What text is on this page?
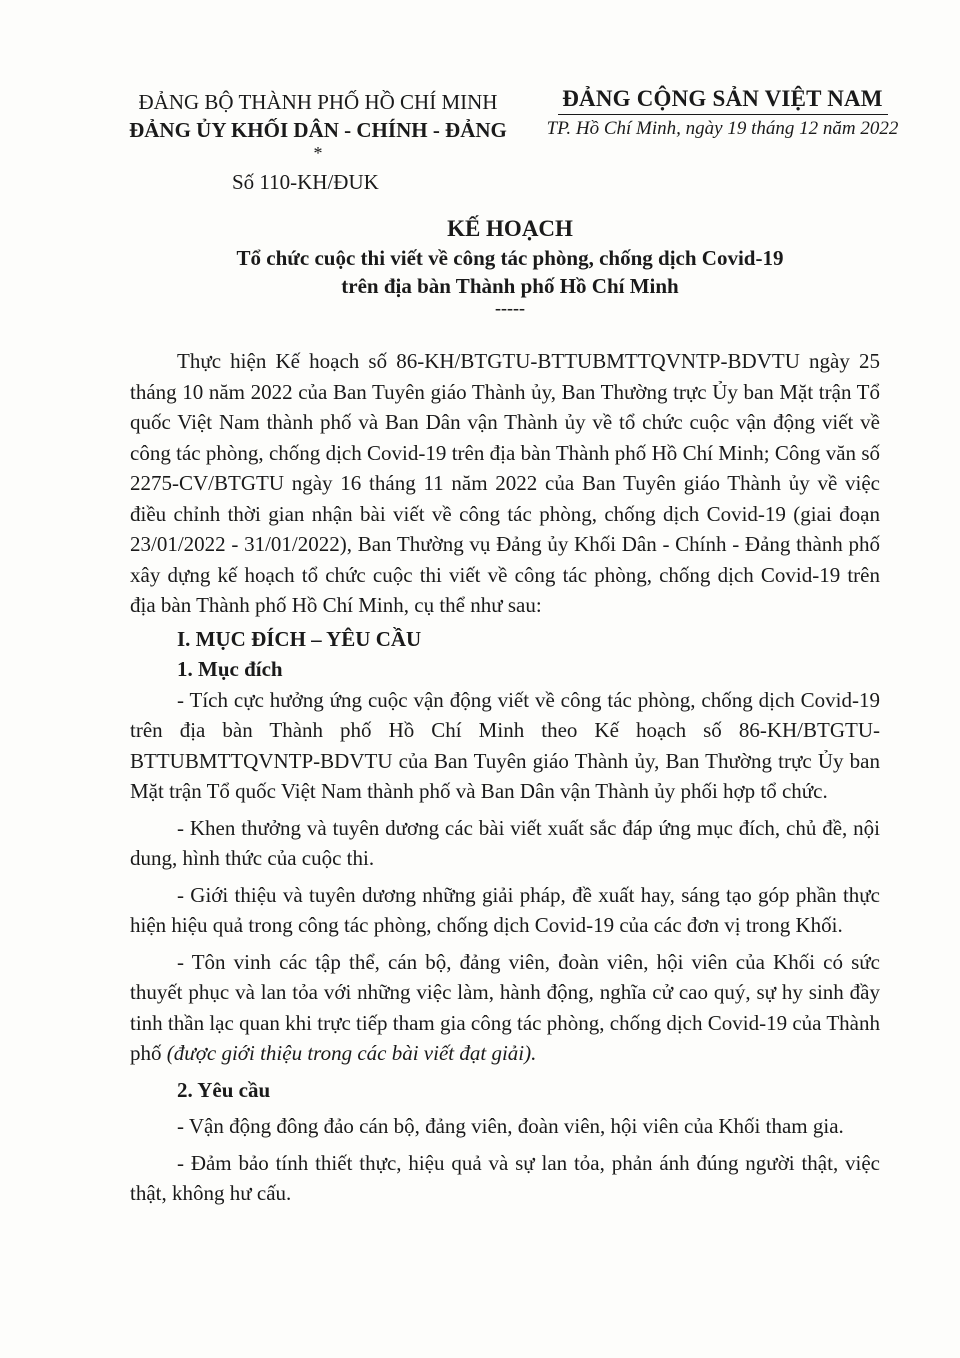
ĐẢNG BỘ THÀNH PHỐ HỒ CHÍ MINH
ĐẢNG ỦY KHỐI DÂN - CHÍNH - ĐẢNG
*
ĐẢNG CỘNG SẢN VIỆT NAM
TP. Hồ Chí Minh, ngày 19 tháng 12 năm 2022
Số 110-KH/ĐUK
KẾ HOẠCH
Tổ chức cuộc thi viết về công tác phòng, chống dịch Covid-19
trên địa bàn Thành phố Hồ Chí Minh
-----

Thực hiện Kế hoạch số 86-KH/BTGTU-BTTUBMTTQVNTP-BDVTU ngày 25 tháng 10 năm 2022 của Ban Tuyên giáo Thành ủy, Ban Thường trực Ủy ban Mặt trận Tổ quốc Việt Nam thành phố và Ban Dân vận Thành ủy về tổ chức cuộc vận động viết về công tác phòng, chống dịch Covid-19 trên địa bàn Thành phố Hồ Chí Minh; Công văn số 2275-CV/BTGTU ngày 16 tháng 11 năm 2022 của Ban Tuyên giáo Thành ủy về việc điều chỉnh thời gian nhận bài viết về công tác phòng, chống dịch Covid-19 (giai đoạn 23/01/2022 - 31/01/2022), Ban Thường vụ Đảng ủy Khối Dân - Chính - Đảng thành phố xây dựng kế hoạch tổ chức cuộc thi viết về công tác phòng, chống dịch Covid-19 trên địa bàn Thành phố Hồ Chí Minh, cụ thể như sau:

I. MỤC ĐÍCH – YÊU CẦU

1. Mục đích

- Tích cực hưởng ứng cuộc vận động viết về công tác phòng, chống dịch Covid-19 trên địa bàn Thành phố Hồ Chí Minh theo Kế hoạch số 86-KH/BTGTU-BTTUBMTTQVNTP-BDVTU của Ban Tuyên giáo Thành ủy, Ban Thường trực Ủy ban Mặt trận Tổ quốc Việt Nam thành phố và Ban Dân vận Thành ủy phối hợp tổ chức.

- Khen thưởng và tuyên dương các bài viết xuất sắc đáp ứng mục đích, chủ đề, nội dung, hình thức của cuộc thi.

- Giới thiệu và tuyên dương những giải pháp, đề xuất hay, sáng tạo góp phần thực hiện hiệu quả trong công tác phòng, chống dịch Covid-19 của các đơn vị trong Khối.

- Tôn vinh các tập thể, cán bộ, đảng viên, đoàn viên, hội viên của Khối có sức thuyết phục và lan tỏa với những việc làm, hành động, nghĩa cử cao quý, sự hy sinh đầy tinh thần lạc quan khi trực tiếp tham gia công tác phòng, chống dịch Covid-19 của Thành phố (được giới thiệu trong các bài viết đạt giải).

2. Yêu cầu

- Vận động đông đảo cán bộ, đảng viên, đoàn viên, hội viên của Khối tham gia.

- Đảm bảo tính thiết thực, hiệu quả và sự lan tỏa, phản ánh đúng người thật, việc thật, không hư cấu.
